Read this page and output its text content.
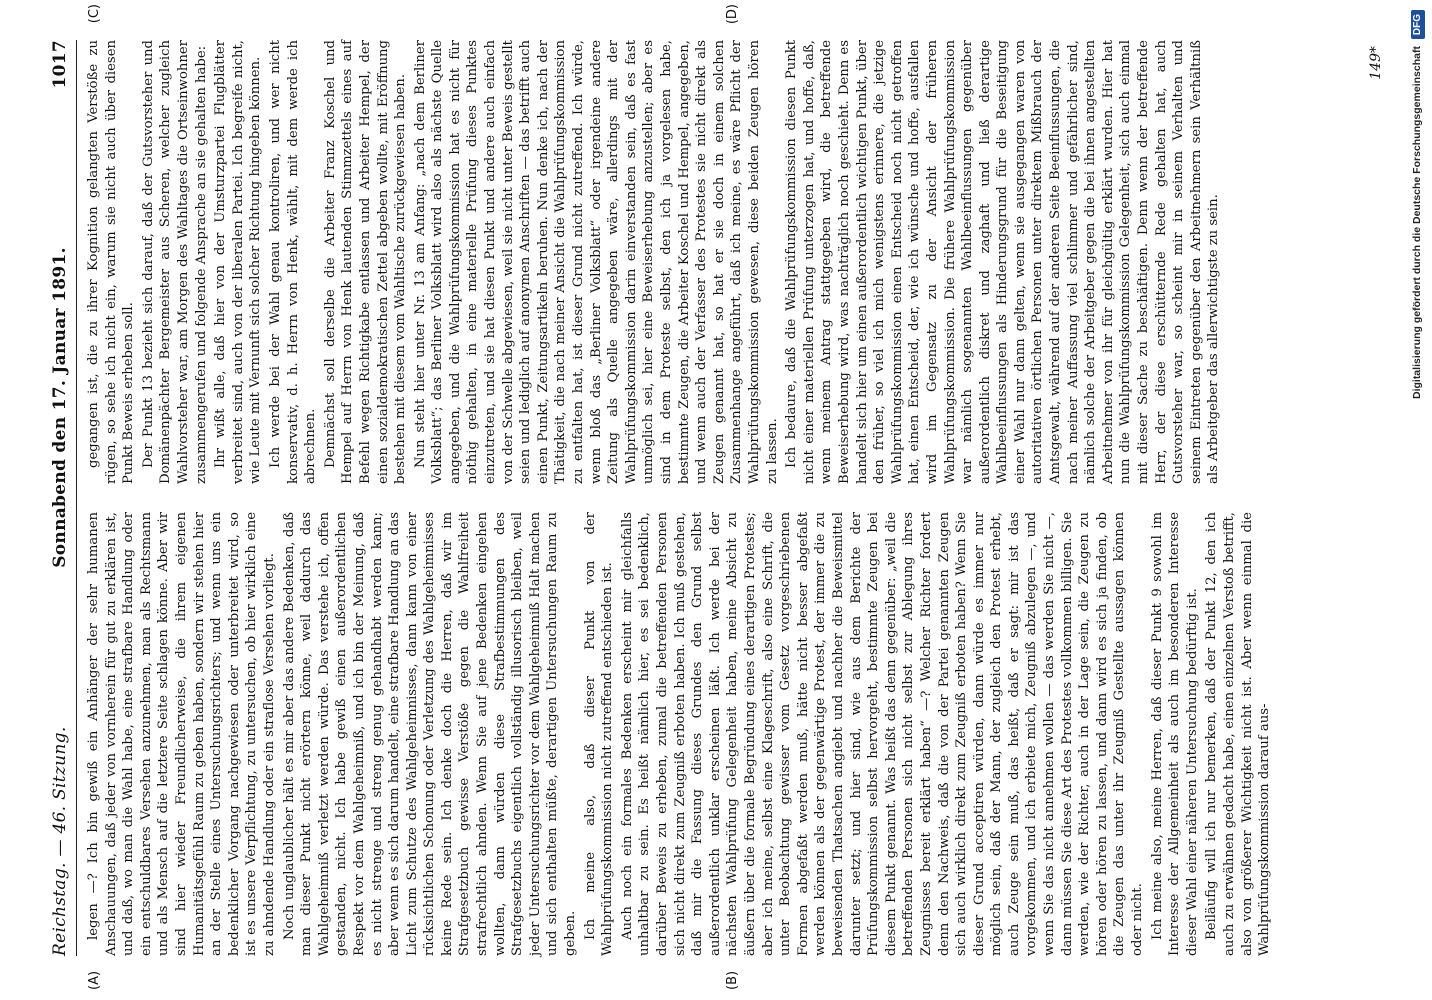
Reichstag. — 46. Sitzung.
Sonnabend den 17. Januar 1891.
1017
(A)	(B)
(C)	(D)

legen —? Ich bin gewiß ein Anhänger der sehr humanen Anschauungen, daß jeder von vornherein für gut zu erklären ist, und daß, wo man die Wahl habe, eine strafbare Handlung oder ein entschuldbares Versehen anzunehmen, man als Rechtsmann und als Mensch auf die letztere Seite schlagen könne. Aber wir sind hier wieder Freundlicherweise, die ihrem eigenen Humanitätsgefühl Raum zu geben haben, sondern wir stehen hier an der Stelle eines Untersuchungsrichters; und wenn uns ein bedenklicher Vorgang nachgewiesen oder unterbreitet wird, so ist es unsere Verpflichtung, zu untersuchen, ob hier wirklich eine zu ahndende Handlung oder ein straflose Versehen vorliegt. Noch unglaublicher hält es mir aber das andere Bedenken, daß man dieser Punkt nicht erörtern könne, weil dadurch das Wahlgeheimniß verletzt werden würde. Das verstehe ich, offen gestanden, nicht. Ich habe gewiß einen außerordentlichen Respekt vor dem Wahlgeheimniß, und ich bin der Meinung, daß es nicht strenge und streng genug gehandhabt werden kann; aber wenn es sich darum handelt, eine strafbare Handlung an das Licht zum Schutze des Wahlgeheimnisses, dann kann von einer rücksichtlichen Schonung oder Verletzung des Wahlgeheimnisses keine Rede sein. Ich denke doch die Herren, daß wir im Strafgesetzbuch gewisse Verstöße gegen die Wahlfreiheit strafrechtlich ahnden. Wenn Sie auf jene Bedenken eingehen wollten, dann würden diese Strafbestimmungen des Strafgesetzbuchs eigentlich vollständig illusorisch bleiben, weil jeder Untersuchungsrichter vor dem Wahlgeheimniß Halt machen und sich enthalten müßte, derartigen Untersuchungen Raum zu geben. Ich meine also, daß dieser Punkt von der Wahlprüfungskommission nicht zutreffend entschieden ist. Auch noch ein formales Bedenken erscheint mir gleichfalls unhaltbar zu sein. Es heißt nämlich hier, es sei bedenklich, darüber Beweis zu erheben, zumal die betreffenden Personen sich nicht direkt zum Zeugniß erboten haben. Ich muß gestehen, daß mir die Fassung dieses Grundes den Grund selbst außerordentlich unklar erscheinen läßt. Ich werde bei der nächsten Wahlprüfung Gelegenheit haben, meine Absicht zu äußern über die formale Begründung eines derartigen Protestes; aber ich meine, selbst eine Klageschrift, also eine Schrift, die unter Beobachtung gewisser vom Gesetz vorgeschriebenen Formen abgefaßt werden muß, hätte nicht besser abgefaßt werden können als der gegenwärtige Protest, der immer die zu beweisenden Thatsachen angiebt und nachher die Beweismittel darunter setzt; und hier sind, wie aus dem Berichte der Prüfungskommission selbst hervorgeht, bestimmte Zeugen bei diesem Punkt genannt. Was heißt das denn gegenüber: „weil die betreffenden Personen sich nicht selbst zur Ablegung ihres Zeugnisses bereit erklärt haben“ —? Welcher Richter fordert denn den Nachweis, daß die von der Partei genannten Zeugen sich auch wirklich direkt zum Zeugniß erboten haben? Wenn Sie dieser Grund acceptiren würden, dann würde es immer nur möglich sein, daß der Mann, der zugleich den Protest erhebt, auch Zeuge sein muß, das heißt, daß er sagt: mir ist das vorgekommen, und ich erbiete mich, Zeugniß abzulegen —, und wenn Sie das nicht annehmen wollen — das werden Sie nicht —, dann müssen Sie diese Art des Protestes vollkommen billigen. Sie werden, wie der Richter, auch in der Lage sein, die Zeugen zu hören oder hören zu lassen, und dann wird es sich ja finden, ob die Zeugen das unter ihr Zeugniß Gestellte aussagen können oder nicht. Ich meine also, meine Herren, daß dieser Punkt 9 sowohl im Interesse der Allgemeinheit als auch im besonderen Interesse dieser Wahl einer näheren Untersuchung bedürftig ist. Beiläufig will ich nur bemerken, daß der Punkt 12, den ich auch zu erwähnen gedacht habe, einen einzelnen Verstoß betrifft, also von größerer Wichtigkeit nicht ist. Aber wenn einmal die Wahlprüfungskommission darauf aus-

gegangen ist, die zu ihrer Kognition gelangten Verstöße zu rügen, so sehe ich nicht ein, warum sie nicht auch über diesen Punkt Beweis erheben soll. Der Punkt 13 bezieht sich darauf, daß der Gutsvorsteher und Domänenpächter Bergemeister aus Scheren, welcher zugleich Wahlvorsteher war, am Morgen des Wahltages die Ortseinwohner zusammengerufen und folgende Ansprache an sie gehalten habe: Ihr wißt alle, daß hier von der Umsturzpartei Flugblätter verbreitet sind, auch von der liberalen Partei. Ich begreife nicht, wie Leute mit Vernunft sich solcher Richtung hingeben können. Ich werde bei der Wahl genau kontroliren, und wer nicht konservativ, d. h. Herrn von Henk, wählt, mit dem werde ich abrechnen. Demnächst soll derselbe die Arbeiter Franz Koschel und Hempel auf Herrn von Henk lautenden Stimmzettels eines auf Befehl wegen Richtigkabe entlassen und Arbeiter Hempel, der einen sozialdemokratischen Zettel abgeben wollte, mit Eröffnung bestehen mit diesem vom Wahltische zurückgewiesen haben. Nun steht hier unter Nr. 13 am Anfang: „nach dem Berliner Volksblatt“; das Berliner Volksblatt wird also als nächste Quelle angegeben, und die Wahlprüfungskommission hat es nicht für nöthig gehalten, in eine materielle Prüfung dieses Punktes einzutreten, und sie hat diesen Punkt und andere auch einfach von der Schwelle abgewiesen, weil sie nicht unter Beweis gestellt seien und lediglich auf anonymen Anschriften — das betrifft auch einen Punkt, Zeitungsartikeln beruhen. Nun denke ich, nach der Thätigkeit, die nach meiner Ansicht die Wahlprüfungskommission zu entfalten hat, ist dieser Grund nicht zutreffend. Ich würde, wenn bloß das „Berliner Volksblatt“ oder irgendeine andere Zeitung als Quelle angegeben wäre, allerdings mit der Wahlprüfungskommission darin einverstanden sein, daß es fast unmöglich sei, hier eine Beweiserhebung anzustellen; aber es sind in dem Proteste selbst, den ich ja vorgelesen habe, bestimmte Zeugen, die Arbeiter Koschel und Hempel, angegeben, und wenn auch der Verfasser des Protestes sie nicht direkt als Zeugen genannt hat, so hat er sie doch in einem solchen Zusammenhange angeführt, daß ich meine, es wäre Pflicht der Wahlprüfungskommission gewesen, diese beiden Zeugen hören zu lassen. Ich bedaure, daß die Wahlprüfungskommission diesen Punkt nicht einer materiellen Prüfung unterzogen hat, und hoffe, daß, wenn meinem Antrag stattgegeben wird, die betreffende Beweiserhebung wird, was nachträglich noch geschieht. Denn es handelt sich hier um einen außerordentlich wichtigen Punkt, über den früher, so viel ich mich wenigstens erinnere, die jetzige Wahlprüfungskommission einen Entscheid noch nicht getroffen hat, einen Entscheid, der, wie ich wünsche und hoffe, ausfallen wird im Gegensatz zu der Ansicht der früheren Wahlprüfungskommission. Die frühere Wahlprüfungskommission war nämlich sogenannten Wahlbeeinflussungen gegenüber außerordentlich diskret und zaghaft und ließ derartige Wahlbeeinflussungen als Hinderungsgrund für die Beseitigung einer Wahl nur dann gelten, wenn sie ausgegangen waren von autoritativen örtlichen Personen unter direktem Mißbrauch der Amtsgewalt, während auf der anderen Seite Beeinflussungen, die nach meiner Auffassung viel schlimmer und gefährlicher sind, nämlich solche der Arbeitgeber gegen die bei ihnen angestellten Arbeitnehmer von ihr für gleichgültig erklärt wurden. Hier hat nun die Wahlprüfungskommission Gelegenheit, sich auch einmal mit dieser Sache zu beschäftigen. Denn wenn der betreffende Herr, der diese erschütternde Rede gehalten hat, auch Gutsvorsteher war, so scheint mir in seinem Verhalten und seinem Eintreten gegenüber den Arbeitnehmern sein Verhältniß als Arbeitgeber das allerwichtigste zu sein.

149*	Digitalisierung gefördert durch die Deutsche Forschungsgemeinschaft DFG
